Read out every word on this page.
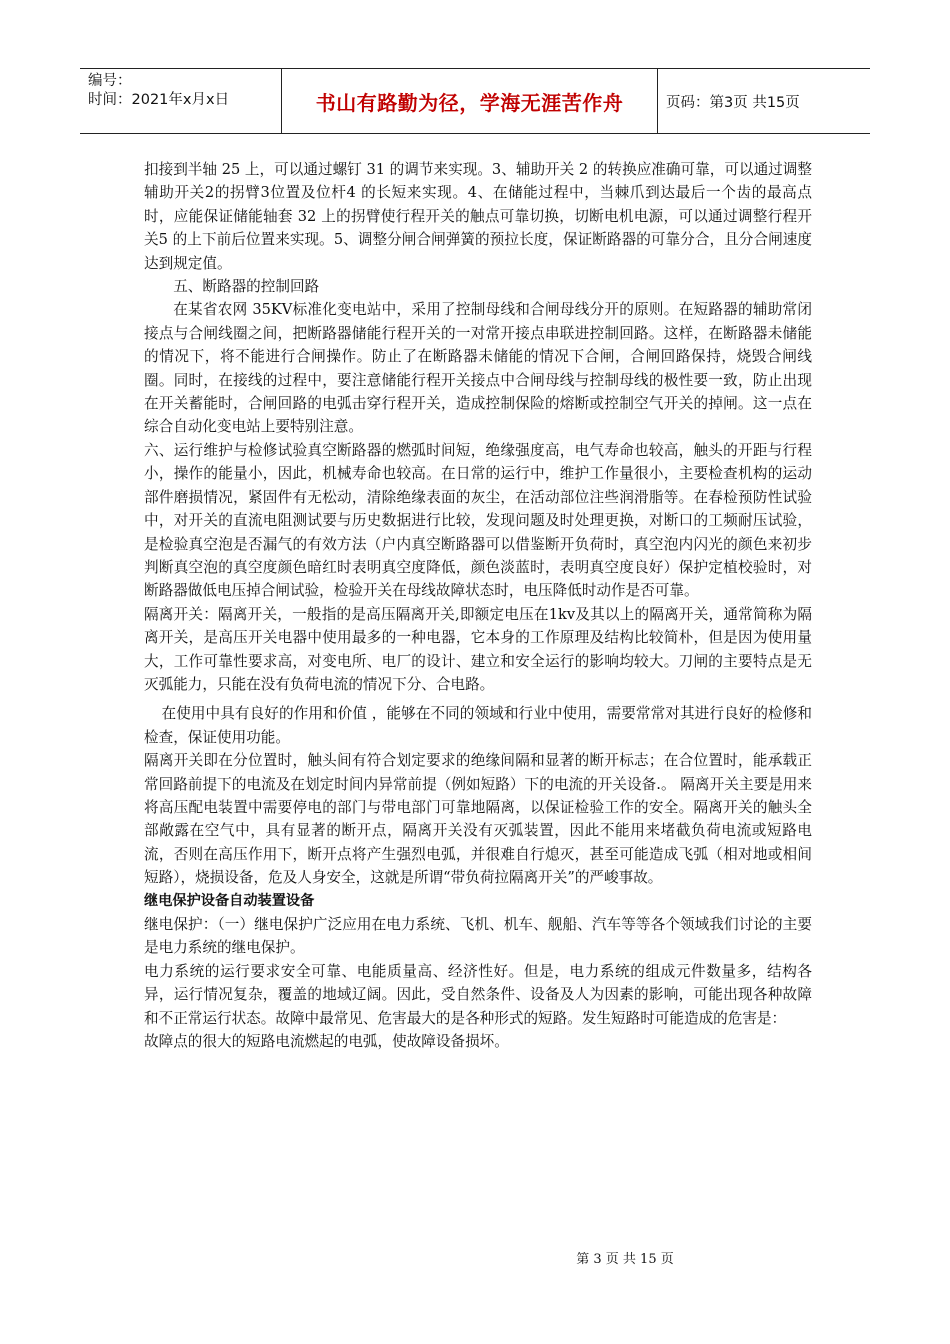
编号：
时间：2021年x月x日	书山有路勤为径，学海无涯苦作舟	页码：第3页 共15页

扣接到半轴 25 上，可以通过螺钉 31 的调节来实现。3、辅助开关 2 的转换应准确可靠，可以通过调整辅助开关2的拐臂3位置及位杆4 的长短来实现。4、在储能过程中，当棘爪到达最后一个齿的最高点时，应能保证储能轴套 32 上的拐臂使行程开关的触点可靠切换，切断电机电源，可以通过调整行程开关5 的上下前后位置来实现。5、调整分闸合闸弹簧的预拉长度，保证断路器的可靠分合，且分合闸速度达到规定值。

五、断路器的控制回路

在某省农网 35KV标准化变电站中，采用了控制母线和合闸母线分开的原则。在短路器的辅助常闭接点与合闸线圈之间，把断路器储能行程开关的一对常开接点串联进控制回路。这样，在断路器未储能的情况下，将不能进行合闸操作。防止了在断路器未储能的情况下合闸，合闸回路保持，烧毁合闸线圈。同时，在接线的过程中，要注意储能行程开关接点中合闸母线与控制母线的极性要一致，防止出现在开关蓄能时，合闸回路的电弧击穿行程开关，造成控制保险的熔断或控制空气开关的掉闸。这一点在综合自动化变电站上要特别注意。

六、运行维护与检修试验真空断路器的燃弧时间短，绝缘强度高，电气寿命也较高，触头的开距与行程小，操作的能量小，因此，机械寿命也较高。在日常的运行中，维护工作量很小，主要检查机构的运动部件磨损情况，紧固件有无松动，清除绝缘表面的灰尘，在活动部位注些润滑脂等。在春检预防性试验中，对开关的直流电阻测试要与历史数据进行比较，发现问题及时处理更换，对断口的工频耐压试验，是检验真空泡是否漏气的有效方法（户内真空断路器可以借鉴断开负荷时，真空泡内闪光的颜色来初步判断真空泡的真空度颜色暗红时表明真空度降低，颜色淡蓝时，表明真空度良好）保护定植校验时，对断路器做低电压掉合闸试验，检验开关在母线故障状态时，电压降低时动作是否可靠。

隔离开关：隔离开关，一般指的是高压隔离开关,即额定电压在1kv及其以上的隔离开关，通常简称为隔离开关，是高压开关电器中使用最多的一种电器，它本身的工作原理及结构比较简朴，但是因为使用量大，工作可靠性要求高，对变电所、电厂的设计、建立和安全运行的影响均较大。刀闸的主要特点是无灭弧能力，只能在没有负荷电流的情况下分、合电路。

在使用中具有良好的作用和价值 ，能够在不同的领域和行业中使用，需要常常对其进行良好的检修和检查，保证使用功能。

隔离开关即在分位置时，触头间有符合划定要求的绝缘间隔和显著的断开标志；在合位置时，能承载正常回路前提下的电流及在划定时间内异常前提（例如短路）下的电流的开关设备.。 隔离开关主要是用来将高压配电装置中需要停电的部门与带电部门可靠地隔离，以保证检验工作的安全。隔离开关的触头全部敞露在空气中，具有显著的断开点，隔离开关没有灭弧装置，因此不能用来堵截负荷电流或短路电流，否则在高压作用下，断开点将产生强烈电弧，并很难自行熄灭，甚至可能造成飞弧（相对地或相间短路），烧损设备，危及人身安全，这就是所谓“带负荷拉隔离开关”的严峻事故。

继电保护设备自动装置设备

继电保护：（一）继电保护广泛应用在电力系统、飞机、机车、舰船、汽车等等各个领域我们讨论的主要是电力系统的继电保护。

电力系统的运行要求安全可靠、电能质量高、经济性好。但是，电力系统的组成元件数量多，结构各异，运行情况复杂，覆盖的地域辽阔。因此，受自然条件、设备及人为因素的影响，可能出现各种故障和不正常运行状态。故障中最常见、危害最大的是各种形式的短路。发生短路时可能造成的危害是：

故障点的很大的短路电流燃起的电弧，使故障设备损坏。

第 3 页 共 15 页
